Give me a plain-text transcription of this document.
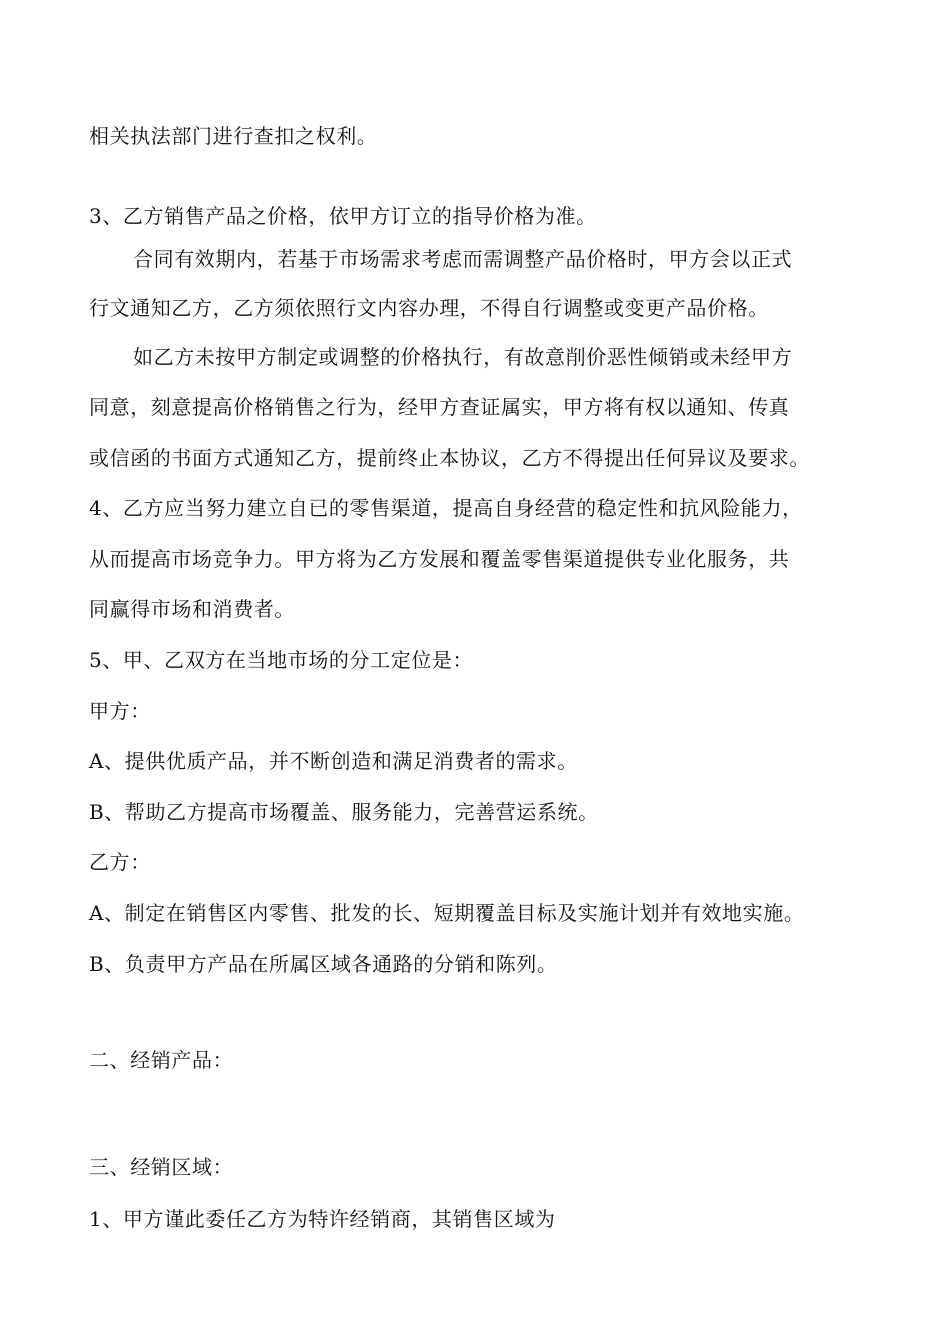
相关执法部门进行查扣之权利。
3、乙方销售产品之价格，依甲方订立的指导价格为准。
合同有效期内，若基于市场需求考虑而需调整产品价格时，甲方会以正式
行文通知乙方，乙方须依照行文内容办理，不得自行调整或变更产品价格。
如乙方未按甲方制定或调整的价格执行，有故意削价恶性倾销或未经甲方
同意，刻意提高价格销售之行为，经甲方查证属实，甲方将有权以通知、传真
或信函的书面方式通知乙方，提前终止本协议，乙方不得提出任何异议及要求。
4、乙方应当努力建立自已的零售渠道，提高自身经营的稳定性和抗风险能力，
从而提高市场竞争力。甲方将为乙方发展和覆盖零售渠道提供专业化服务，共
同赢得市场和消费者。
5、甲、乙双方在当地市场的分工定位是：
甲方：
A、提供优质产品，并不断创造和满足消费者的需求。
B、帮助乙方提高市场覆盖、服务能力，完善营运系统。
乙方：
A、制定在销售区内零售、批发的长、短期覆盖目标及实施计划并有效地实施。
B、负责甲方产品在所属区域各通路的分销和陈列。
二、经销产品：
三、经销区域：
1、甲方谨此委任乙方为特许经销商，其销售区域为
